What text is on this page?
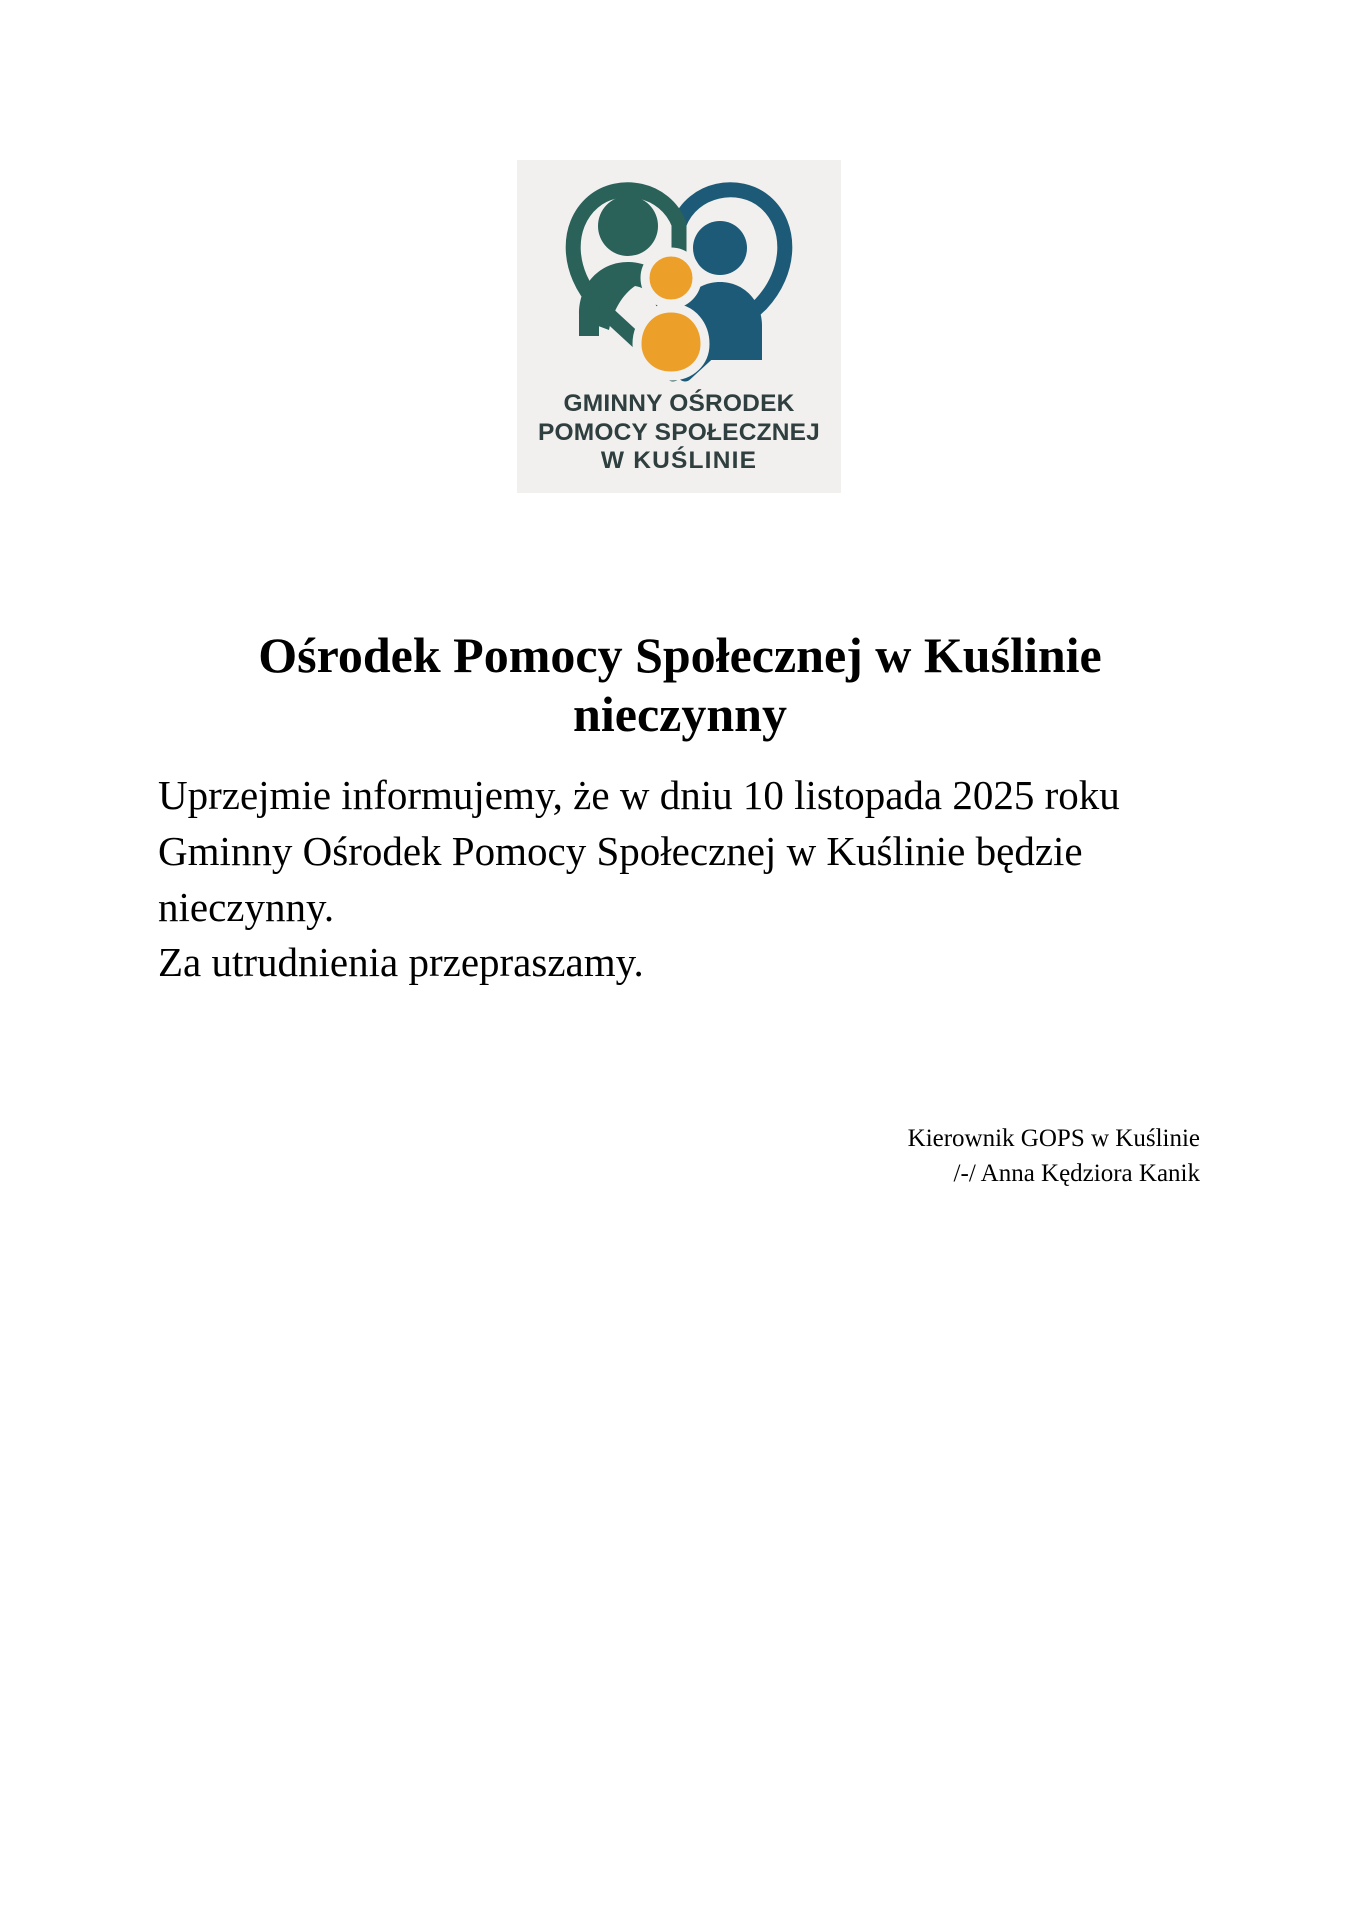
GMINNY OŚRODEK
POMOCY SPOŁECZNEJ
W KUŚLINIE
Ośrodek Pomocy Społecznej w Kuślinie nieczynny

Uprzejmie informujemy, że w dniu 10 listopada 2025 roku Gminny Ośrodek Pomocy Społecznej w Kuślinie będzie nieczynny.

Za utrudnienia przepraszamy.

Kierownik GOPS w Kuślinie
/-/ Anna Kędziora Kanik
